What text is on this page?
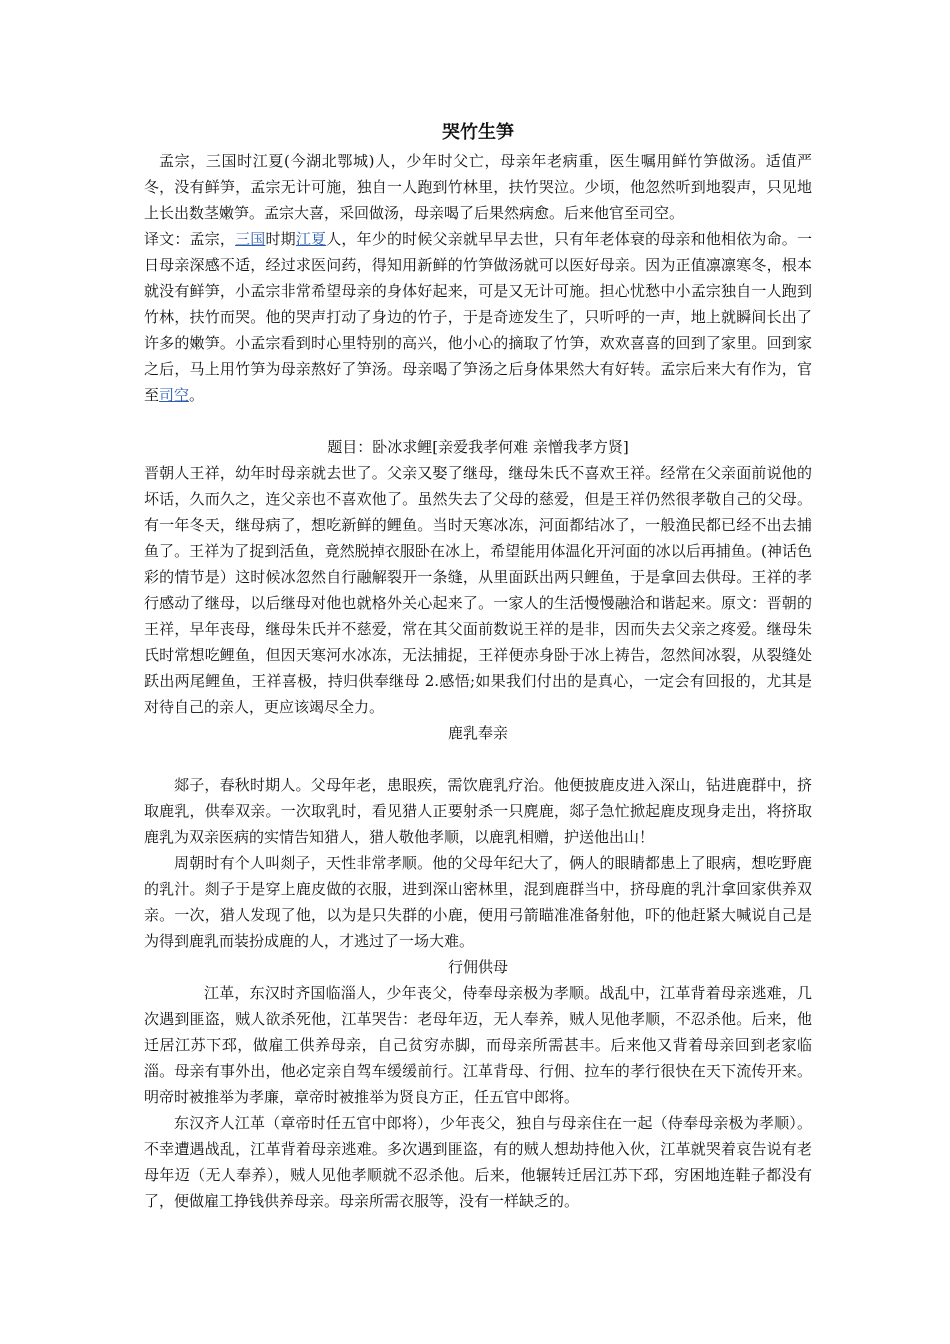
哭竹生笋

孟宗，三国时江夏(今湖北鄂城)人，少年时父亡，母亲年老病重，医生嘱用鲜竹笋做汤。适值严冬，没有鲜笋，孟宗无计可施，独自一人跑到竹林里，扶竹哭泣。少顷，他忽然听到地裂声，只见地上长出数茎嫩笋。孟宗大喜，采回做汤，母亲喝了后果然病愈。后来他官至司空。

译文：孟宗，三国时期江夏人，年少的时候父亲就早早去世，只有年老体衰的母亲和他相依为命。一日母亲深感不适，经过求医问药，得知用新鲜的竹笋做汤就可以医好母亲。因为正值凛凛寒冬，根本就没有鲜笋，小孟宗非常希望母亲的身体好起来，可是又无计可施。担心忧愁中小孟宗独自一人跑到竹林，扶竹而哭。他的哭声打动了身边的竹子，于是奇迹发生了，只听呼的一声，地上就瞬间长出了许多的嫩笋。小孟宗看到时心里特别的高兴，他小心的摘取了竹笋，欢欢喜喜的回到了家里。回到家之后，马上用竹笋为母亲熬好了笋汤。母亲喝了笋汤之后身体果然大有好转。孟宗后来大有作为，官至司空。

题目：卧冰求鲤[亲爱我孝何难 亲憎我孝方贤]

晋朝人王祥，幼年时母亲就去世了。父亲又娶了继母，继母朱氏不喜欢王祥。经常在父亲面前说他的坏话，久而久之，连父亲也不喜欢他了。虽然失去了父母的慈爱，但是王祥仍然很孝敬自己的父母。有一年冬天，继母病了，想吃新鲜的鲤鱼。当时天寒冰冻，河面都结冰了，一般渔民都已经不出去捕鱼了。王祥为了捉到活鱼，竟然脱掉衣服卧在冰上，希望能用体温化开河面的冰以后再捕鱼。(神话色彩的情节是）这时候冰忽然自行融解裂开一条缝，从里面跃出两只鲤鱼，于是拿回去供母。王祥的孝行感动了继母，以后继母对他也就格外关心起来了。一家人的生活慢慢融洽和谐起来。原文：晋朝的王祥，早年丧母，继母朱氏并不慈爱，常在其父面前数说王祥的是非，因而失去父亲之疼爱。继母朱氏时常想吃鲤鱼，但因天寒河水冰冻，无法捕捉，王祥便赤身卧于冰上祷告，忽然间冰裂，从裂缝处跃出两尾鲤鱼，王祥喜极，持归供奉继母 2.感悟;如果我们付出的是真心，一定会有回报的，尤其是对待自己的亲人，更应该竭尽全力。

鹿乳奉亲

郯子，春秋时期人。父母年老，患眼疾，需饮鹿乳疗治。他便披鹿皮进入深山，钻进鹿群中，挤取鹿乳，供奉双亲。一次取乳时，看见猎人正要射杀一只麂鹿，郯子急忙掀起鹿皮现身走出，将挤取鹿乳为双亲医病的实情告知猎人，猎人敬他孝顺，以鹿乳相赠，护送他出山！

周朝时有个人叫剡子，天性非常孝顺。他的父母年纪大了，俩人的眼睛都患上了眼病，想吃野鹿的乳汁。剡子于是穿上鹿皮做的衣服，进到深山密林里，混到鹿群当中，挤母鹿的乳汁拿回家供养双亲。一次，猎人发现了他，以为是只失群的小鹿，便用弓箭瞄准准备射他，吓的他赶紧大喊说自己是为得到鹿乳而装扮成鹿的人，才逃过了一场大难。

行佣供母

江革，东汉时齐国临淄人，少年丧父，侍奉母亲极为孝顺。战乱中，江革背着母亲逃难，几次遇到匪盗，贼人欲杀死他，江革哭告：老母年迈，无人奉养，贼人见他孝顺，不忍杀他。后来，他迁居江苏下邳，做雇工供养母亲，自己贫穷赤脚，而母亲所需甚丰。后来他又背着母亲回到老家临淄。母亲有事外出，他必定亲自驾车缓缓前行。江革背母、行佣、拉车的孝行很快在天下流传开来。明帝时被推举为孝廉，章帝时被推举为贤良方正，任五官中郎将。

东汉齐人江革（章帝时任五官中郎将），少年丧父，独自与母亲住在一起（侍奉母亲极为孝顺）。不幸遭遇战乱，江革背着母亲逃难。多次遇到匪盗，有的贼人想劫持他入伙，江革就哭着哀告说有老母年迈（无人奉养），贼人见他孝顺就不忍杀他。后来，他辗转迁居江苏下邳，穷困地连鞋子都没有了，便做雇工挣钱供养母亲。母亲所需衣服等，没有一样缺乏的。
